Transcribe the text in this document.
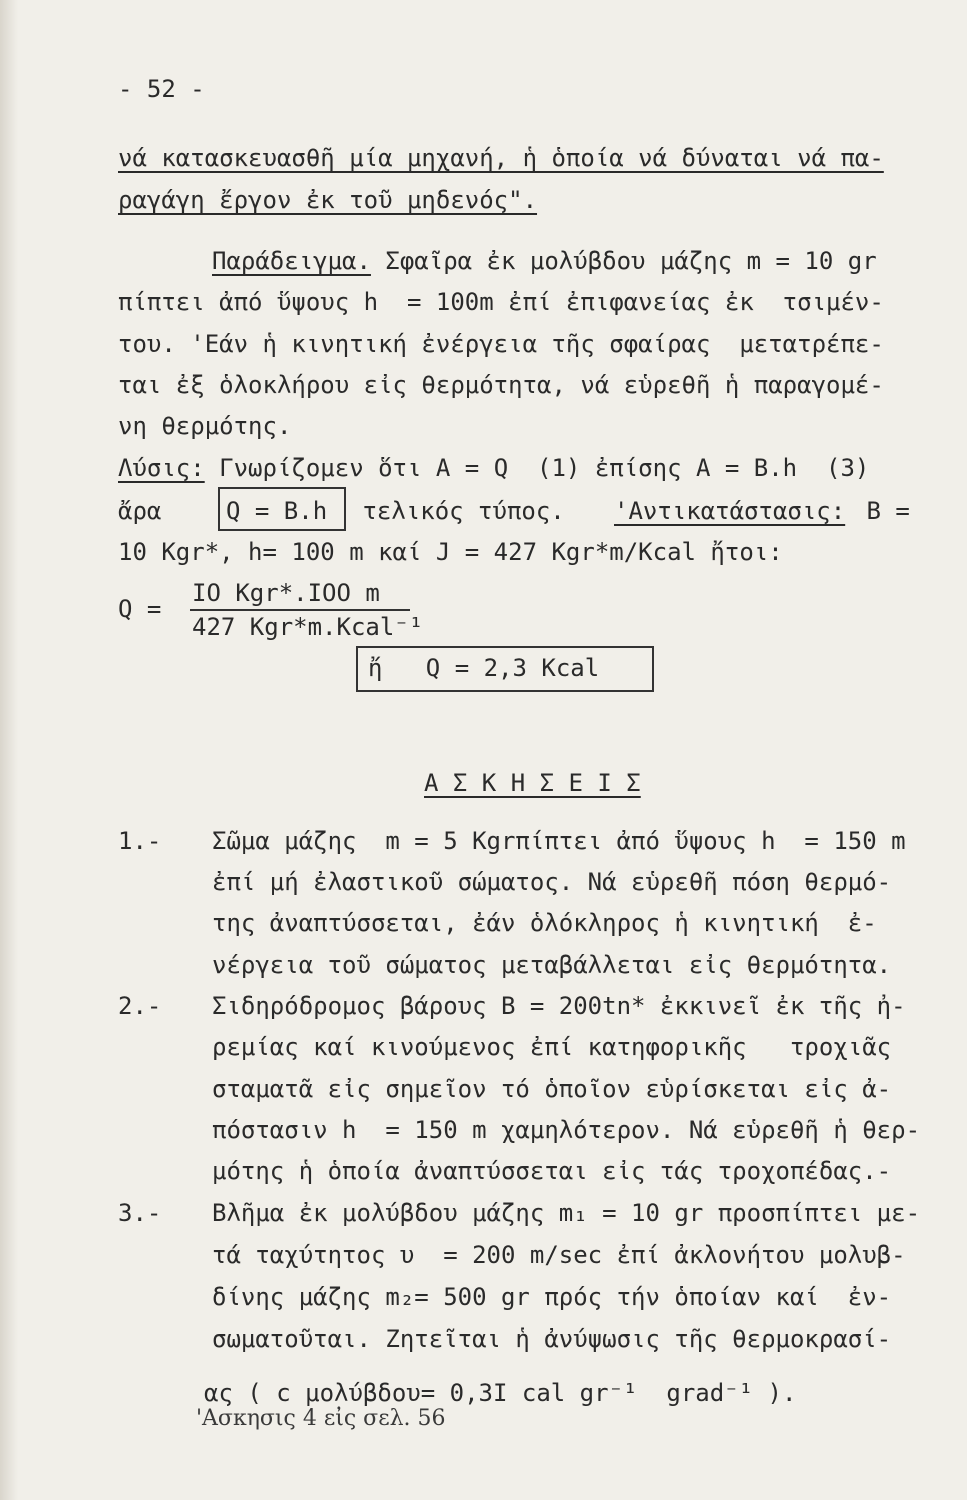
- 52 -
νά κατασκευασθῆ μία μηχανή, ἡ ὁποία νά δύναται νά πα-
ραγάγη ἔργον ἐκ τοῦ μηδενός".
Παράδειγμα. Σφαῖρα ἐκ μολύβδου μάζης m = 10 gr
πίπτει ἀπό ὕψους h  = 100m ἐπί ἐπιφανείας ἐκ  τσιμέν-
του. 'Εάν ἡ κινητική ἐνέργεια τῆς σφαίρας  μετατρέπε-
ται ἐξ ὁλοκλήρου εἰς θερμότητα, νά εὑρεθῆ ἡ παραγομέ-
νη θερμότης.
Λύσις: Γνωρίζομεν ὅτι A = Q  (1) ἐπίσης A = B.h  (3)
ἄρα	Q = B.h τελικός τύπος. 'Αντικατάστασις: B =
10 Kgr*, h= 100 m καί J = 427 Kgr*m/Kcal ἤτοι:
Q =
IO Kgr*.IOO m
427 Kgr*m.Kcal⁻¹
ἤ   Q = 2,3 Kcal
Α Σ Κ Η Σ Ε Ι Σ
1.- Σῶμα μάζης  m = 5 Kgrπίπτει ἀπό ὕψους h  = 150 m
ἐπί μή ἐλαστικοῦ σώματος. Νά εὑρεθῆ πόση θερμό-
της ἀναπτύσσεται, ἐάν ὁλόκληρος ἡ κινητική  ἐ-
νέργεια τοῦ σώματος μεταβάλλεται εἰς θερμότητα.
2.- Σιδηρόδρομος βάρους B = 200tn* ἐκκινεῖ ἐκ τῆς ἠ-
ρεμίας καί κινούμενος ἐπί κατηφορικῆς   τροχιᾶς
σταματᾶ εἰς σημεῖον τό ὁποῖον εὑρίσκεται εἰς ἀ-
πόστασιν h  = 150 m χαμηλότερον. Νά εὑρεθῆ ἡ θερ-
μότης ἡ ὁποία ἀναπτύσσεται εἰς τάς τροχοπέδας.-
3.- Βλῆμα ἐκ μολύβδου μάζης m₁ = 10 gr προσπίπτει με-
τά ταχύτητος υ  = 200 m/sec ἐπί ἀκλονήτου μολυβ-
δίνης μάζης m₂= 500 gr πρός τήν ὁποίαν καί  ἐν-
σωματοῦται. Ζητεῖται ἡ ἀνύψωσις τῆς θερμοκρασί-
ας ( c μολύβδου= 0,3I cal gr⁻¹  grad⁻¹ ).
'Ασκησις 4 εἰς σελ. 56
